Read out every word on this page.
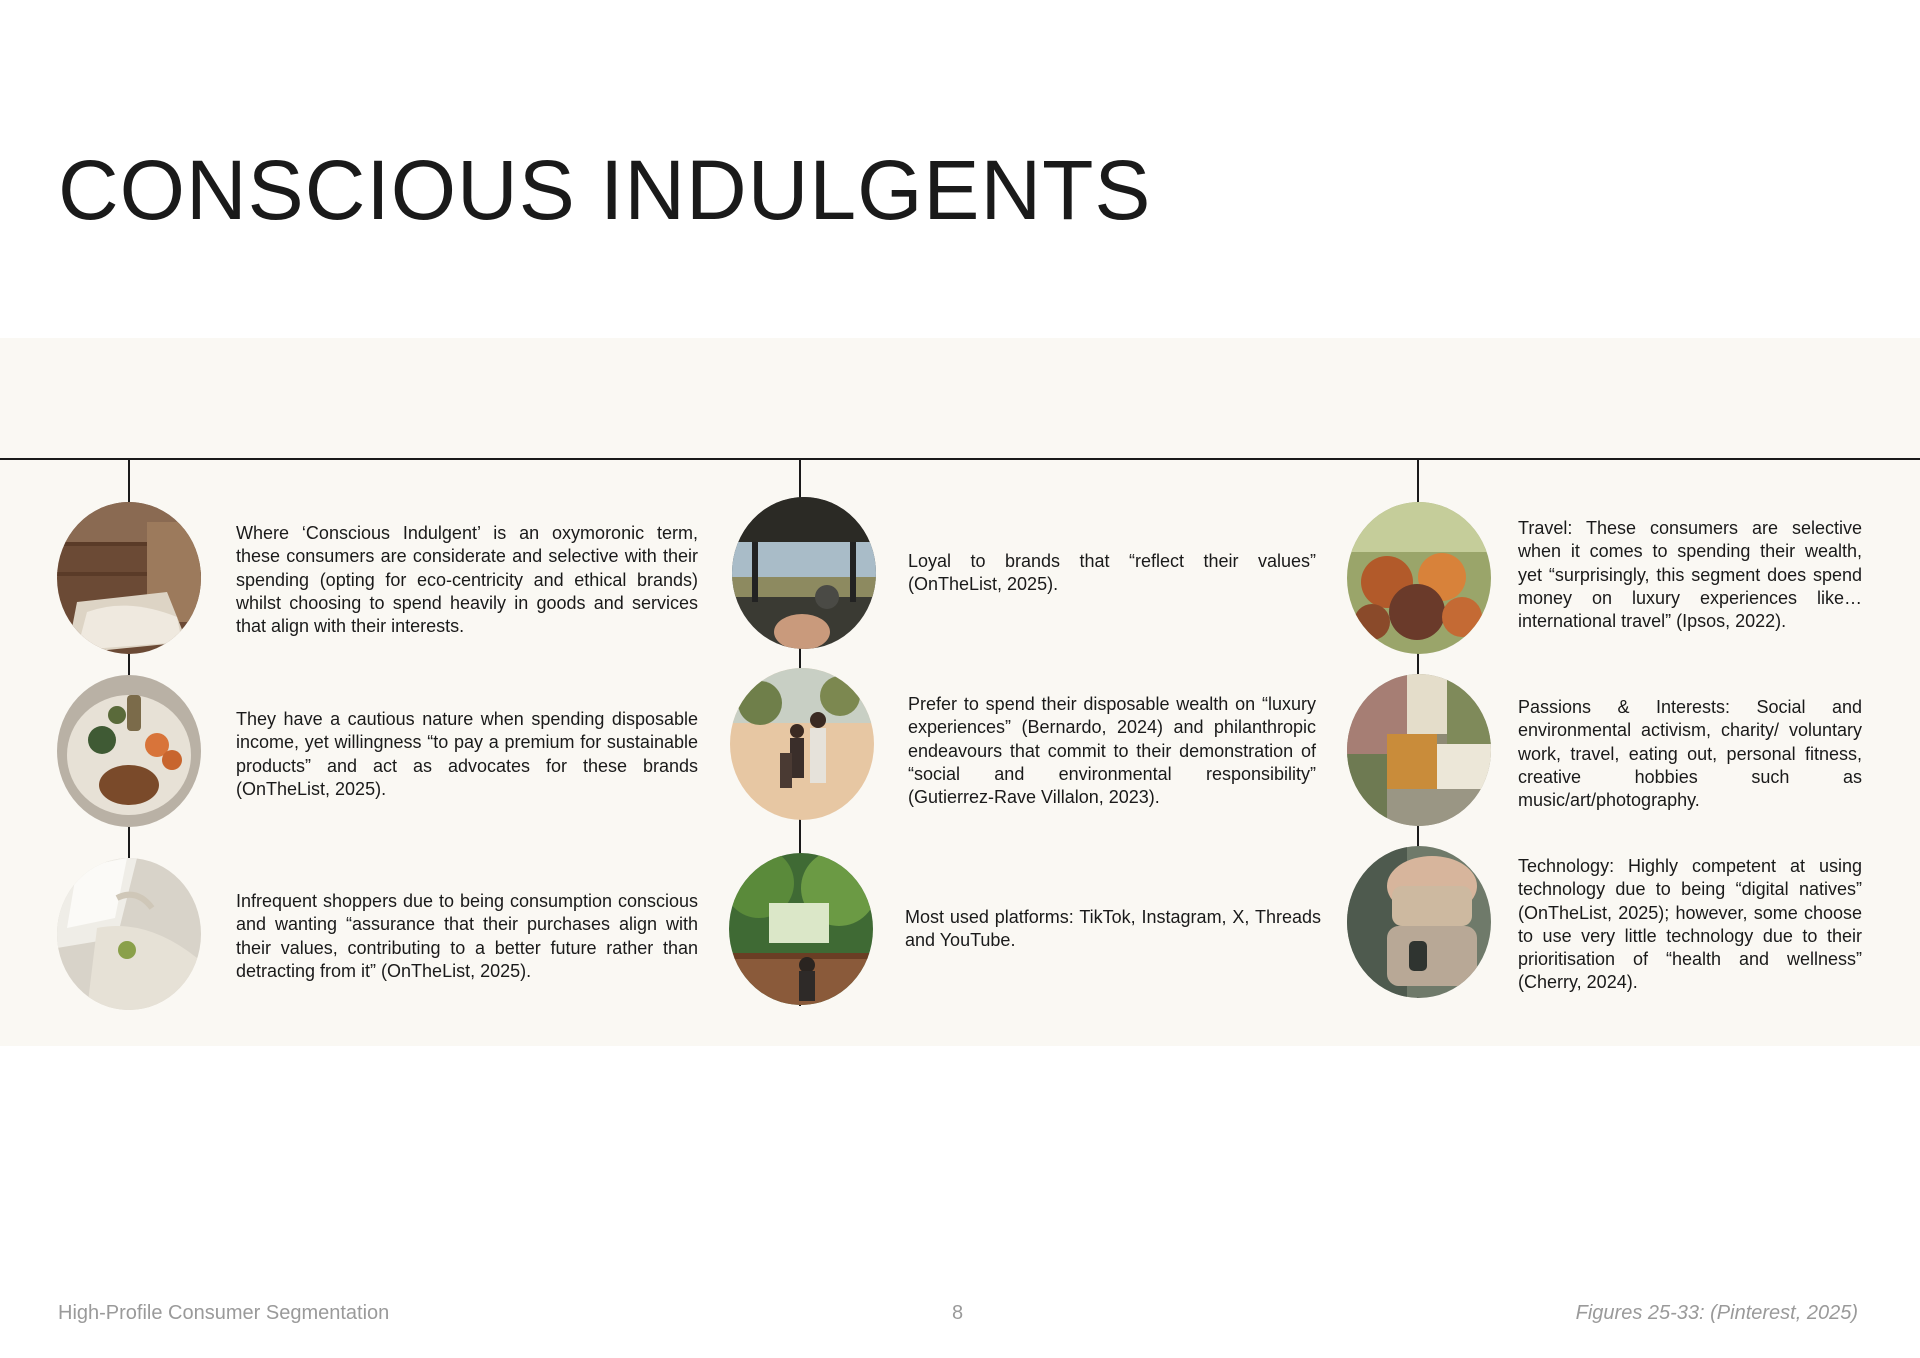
CONSCIOUS INDULGENTS
Where ‘Conscious Indulgent’ is an oxymoronic term, these consumers are considerate and selective with their spending (opting for eco-centricity and ethical brands) whilst choosing to spend heavily in goods and services that align with their interests.
They have a cautious nature when spending disposable income, yet willingness “to pay a premium for sustainable products” and act as advocates for these brands (OnTheList, 2025).
Infrequent shoppers due to being consumption conscious and wanting “assurance that their purchases align with their values, contributing to a better future rather than detracting from it” (OnTheList, 2025).
Loyal to brands that “reflect their values” (OnTheList, 2025).
Prefer to spend their disposable wealth on “luxury experiences” (Bernardo, 2024) and philanthropic endeavours that commit to their demonstration of “social and environmental responsibility” (Gutierrez-Rave Villalon, 2023).
Most used platforms: TikTok, Instagram, X, Threads and YouTube.
Travel: These consumers are selective when it comes to spending their wealth, yet “surprisingly, this segment does spend money on luxury experiences like… international travel” (Ipsos, 2022).
Passions & Interests: Social and environmental activism, charity/ voluntary work, travel, eating out, personal fitness, creative hobbies such as music/art/photography.
Technology: Highly competent at using technology due to being “digital natives” (OnTheList, 2025); however, some choose to use very little technology due to their prioritisation of “health and wellness” (Cherry, 2024).
High-Profile Consumer Segmentation	8	Figures 25-33: (Pinterest, 2025)
